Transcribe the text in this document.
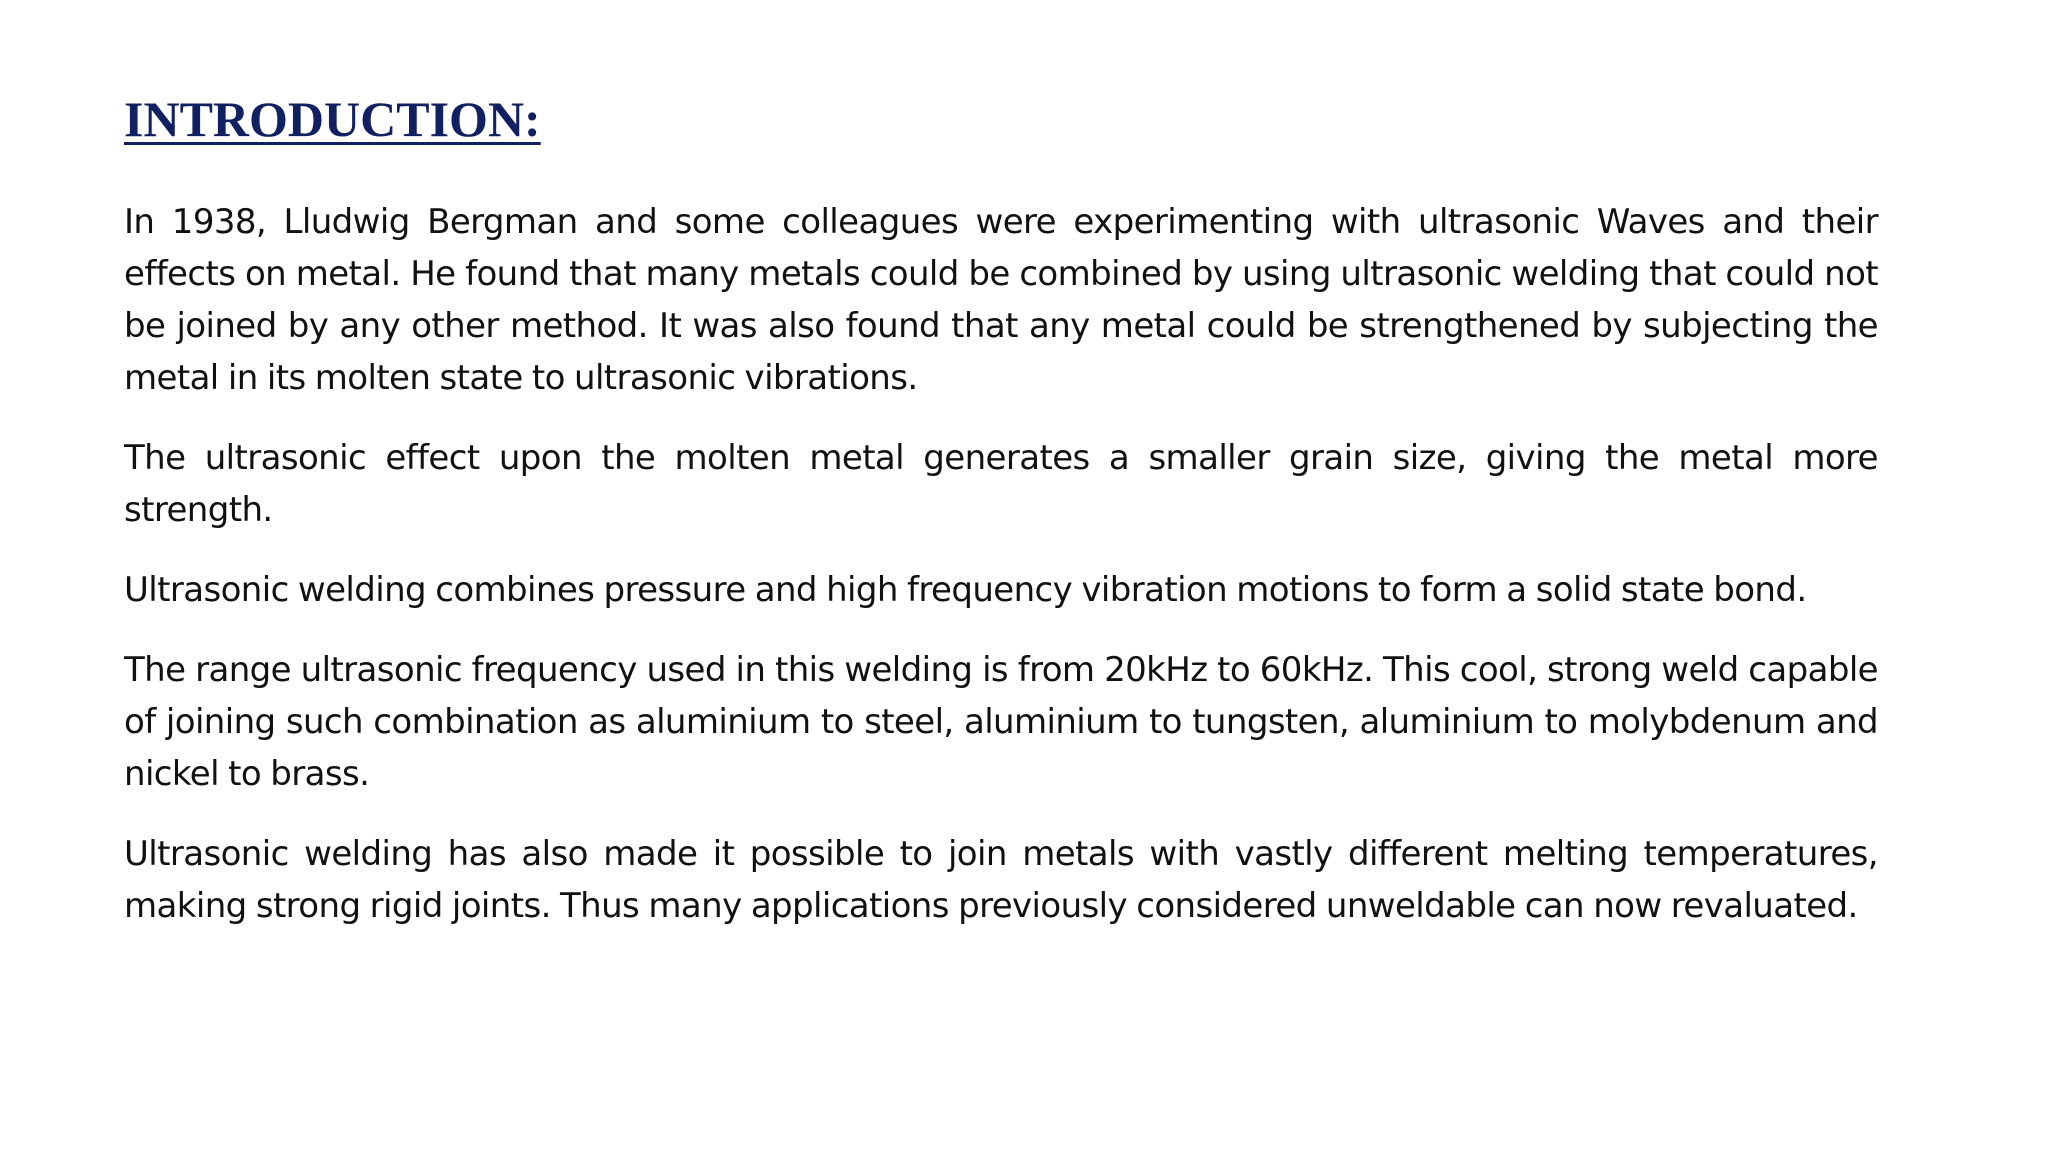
INTRODUCTION:

In 1938, Lludwig Bergman and some colleagues were experimenting with ultrasonic Waves and their effects on metal. He found that many metals could be combined by using ultrasonic welding that could not be joined by any other method. It was also found that any metal could be strengthened by subjecting the metal in its molten state to ultrasonic vibrations.

The ultrasonic effect upon the molten metal generates a smaller grain size, giving the metal more strength.

Ultrasonic welding combines pressure and high frequency vibration motions to form a solid state bond.

The range ultrasonic frequency used in this welding is from 20kHz to 60kHz. This cool, strong weld capable of joining such combination as aluminium to steel, aluminium to tungsten, aluminium to molybdenum and nickel to brass.

Ultrasonic welding has also made it possible to join metals with vastly different melting temperatures, making strong rigid joints. Thus many applications previously considered unweldable can now revaluated.
